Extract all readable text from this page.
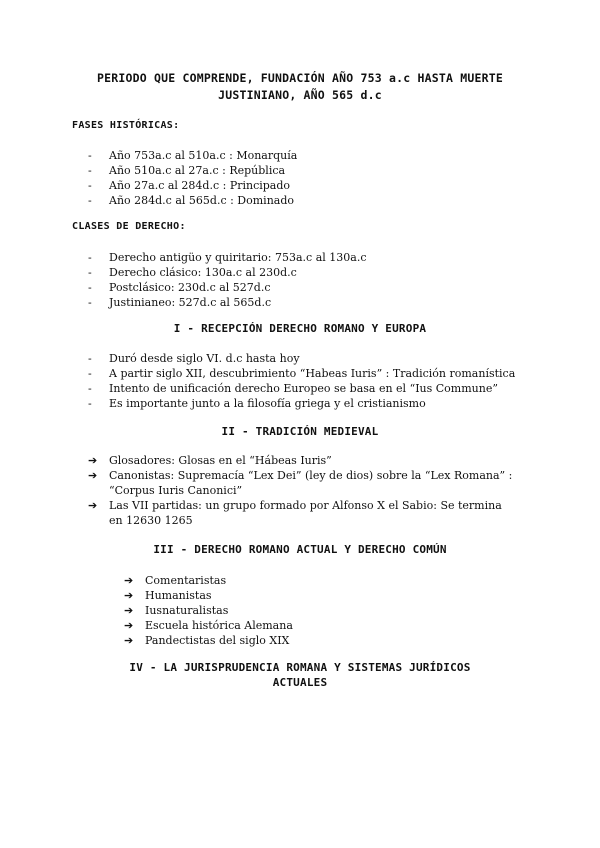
PERIODO QUE COMPRENDE, FUNDACIÓN AÑO 753 a.c HASTA MUERTE
JUSTINIANO, AÑO 565 d.c
FASES HISTÓRICAS:
- Año 753a.c al 510a.c : Monarquía
- Año 510a.c al 27a.c : República
- Año 27a.c al 284d.c : Principado
- Año 284d.c al 565d.c : Dominado
CLASES DE DERECHO:
- Derecho antigüo y quiritario: 753a.c al 130a.c
- Derecho clásico: 130a.c al 230d.c
- Postclásico: 230d.c al 527d.c
- Justinianeo: 527d.c al 565d.c
I - RECEPCIÓN DERECHO ROMANO Y EUROPA
- Duró desde siglo VI. d.c hasta hoy
- A partir siglo XII, descubrimiento “Habeas Iuris” : Tradición romanística
- Intento de unificación derecho Europeo se basa en el “Ius Commune”
- Es importante junto a la filosofía griega y el cristianismo
II - TRADICIÓN MEDIEVAL
➔ Glosadores: Glosas en el “Hábeas Iuris”
➔ Canonistas: Supremacía “Lex Dei” (ley de dios) sobre la “Lex Romana” : “Corpus Iuris Canonici”
➔ Las VII partidas: un grupo formado por Alfonso X el Sabio: Se termina en 12630 1265
III - DERECHO ROMANO ACTUAL Y DERECHO COMÚN
➔ Comentaristas
➔ Humanistas
➔ Iusnaturalistas
➔ Escuela histórica Alemana
➔ Pandectistas del siglo XIX
IV - LA JURISPRUDENCIA ROMANA Y SISTEMAS JURÍDICOS
ACTUALES
